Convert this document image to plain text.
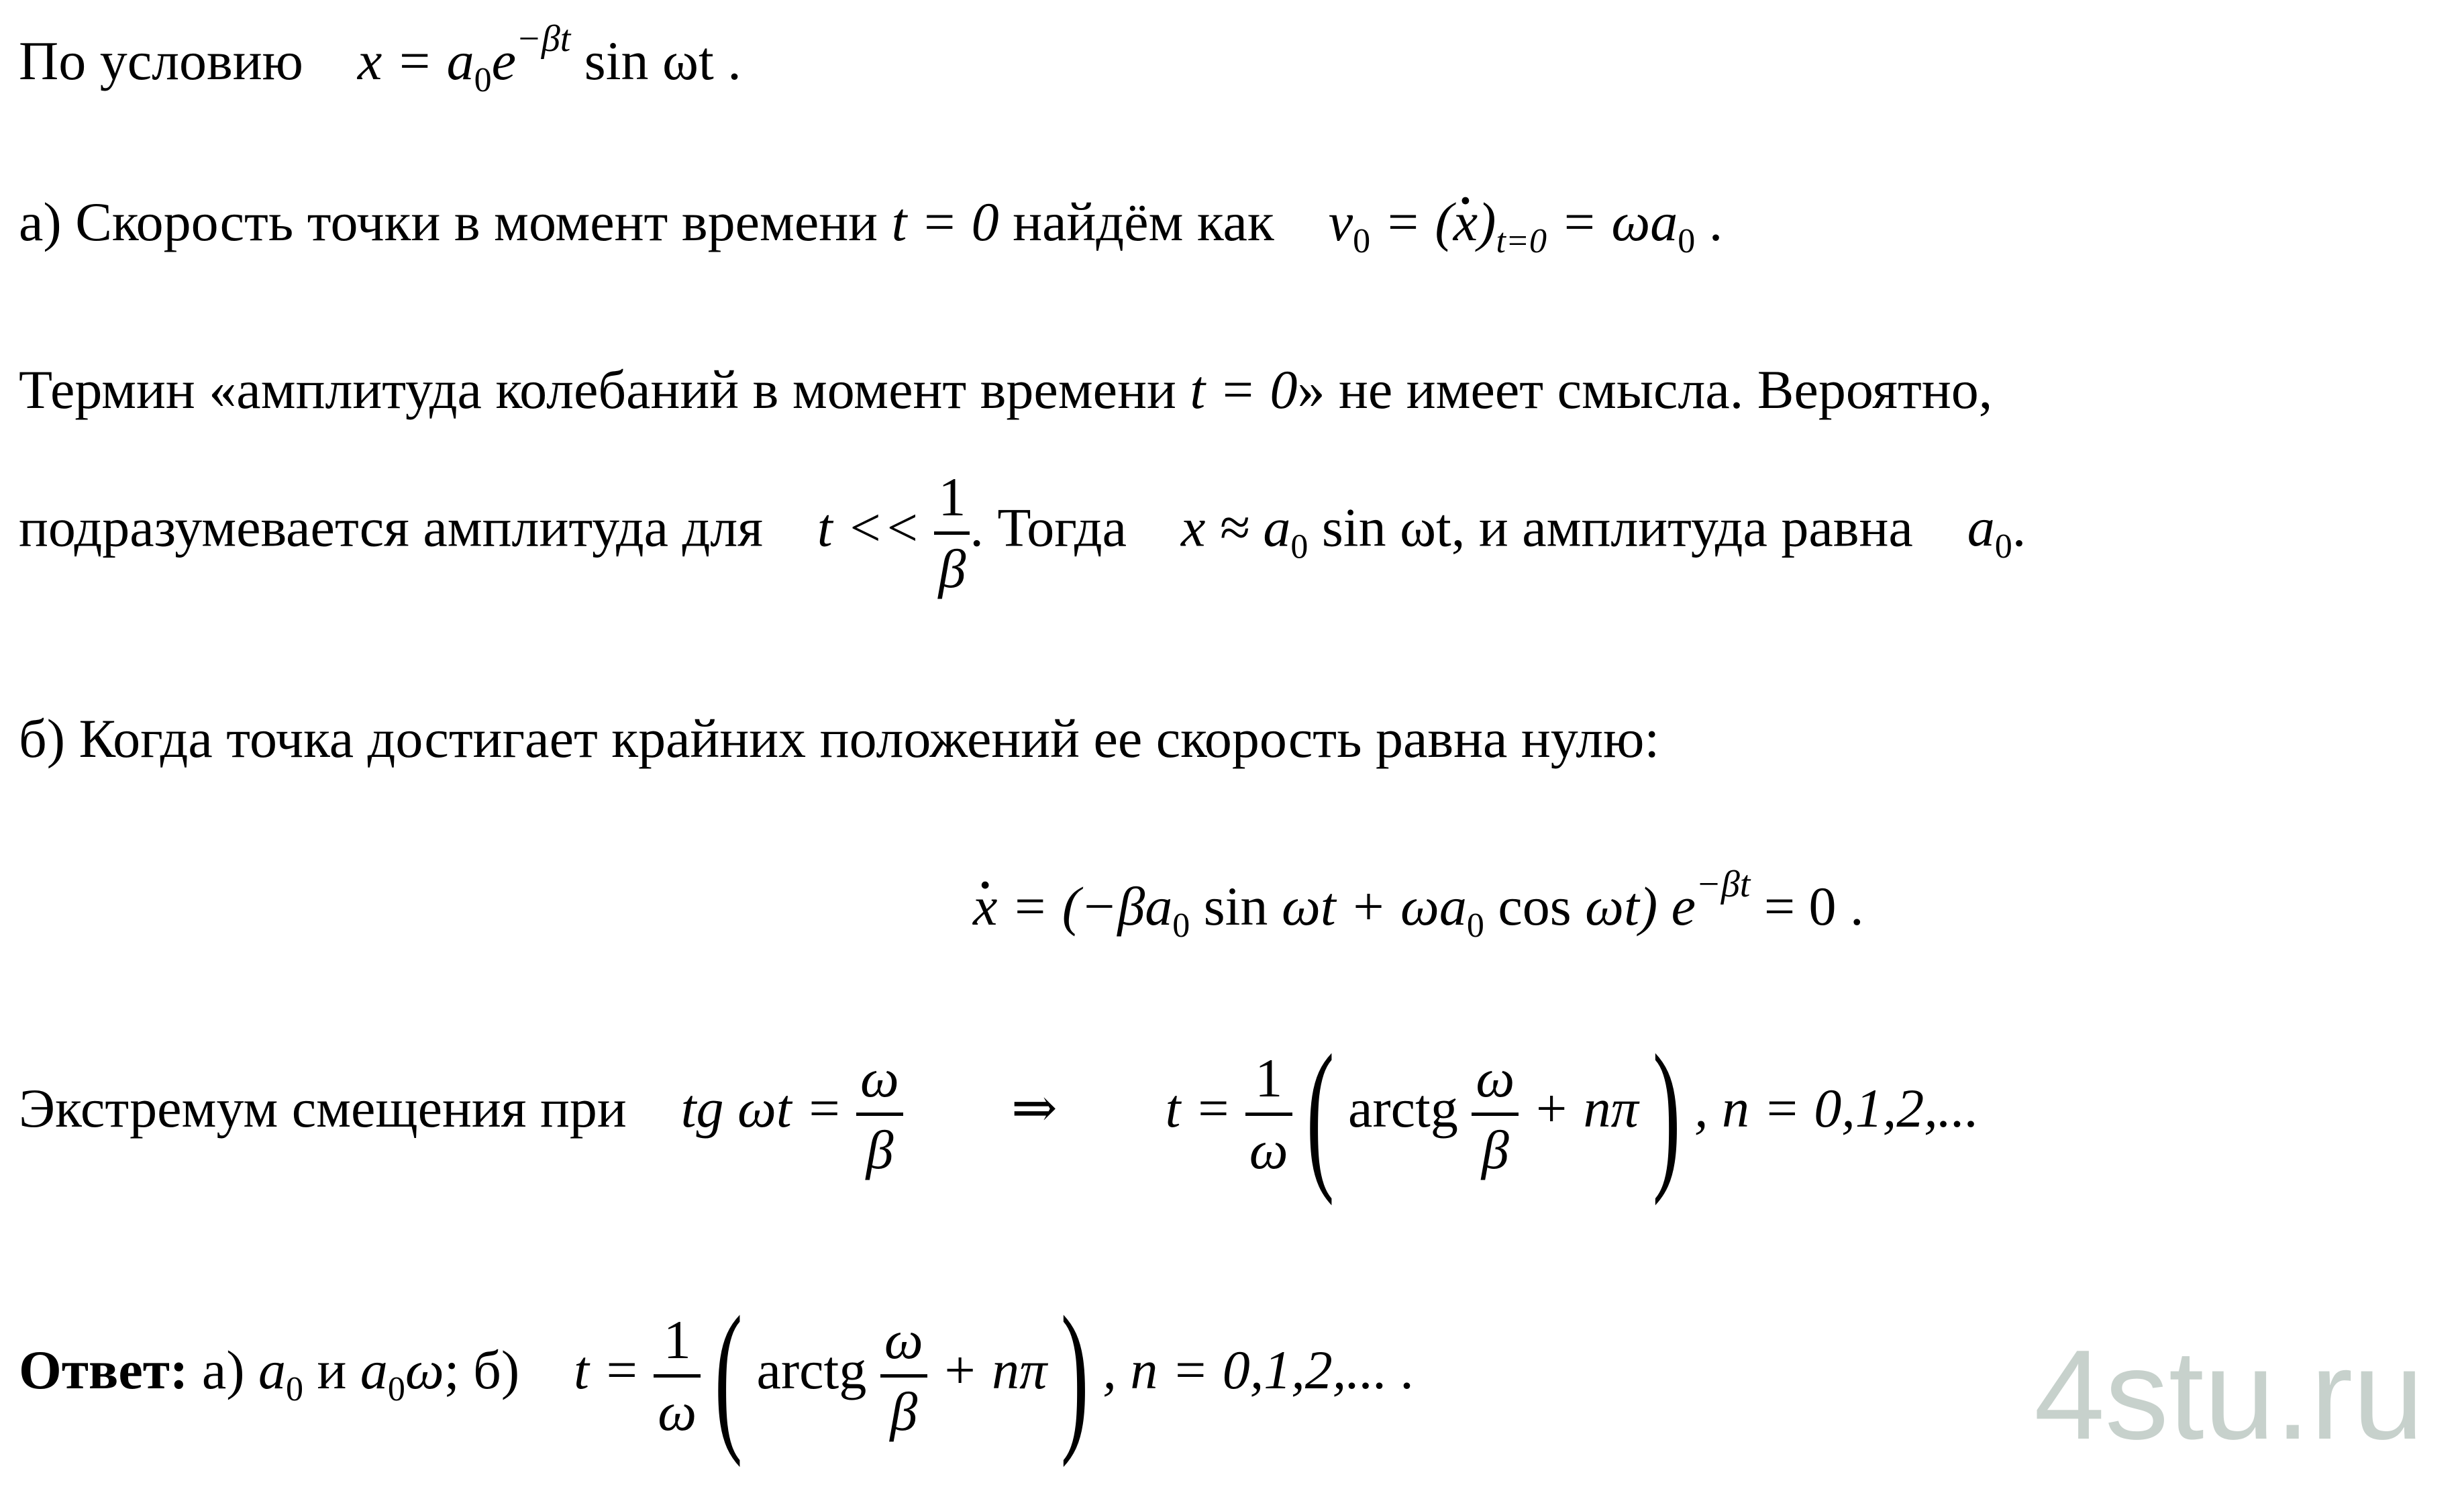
По условию $x = a_0e^{-\beta t}$ sin ωt .
а) Скорость точки в момент времени t = 0 найдём как $v_0$ = (• $x)_{t=0} = \omega a_0$ .
Термин «амплитуда колебаний в момент времени t = 0» не имеет смысла. Вероятно,
подразумевается амплитуда для $t << \frac{1}{\beta}$ . Тогда $x \approx a_0$ sin ωt, и амплитуда равна $a_0$.
б) Когда точка достигает крайних положений ее скорость равна нулю:
• $x = (-\beta a_0$ $\sin \omega t + \omega a_0$ cos ωt) $e^{-\beta t} = 0$ .
Экстремум смещения при tg $\omega t = \frac{\omega}{\beta}$ ⇒ $t = \frac{1}{\omega}$ ( arctg $\frac{\omega}{\beta} + n\pi$) , n = 0,1,2,...
Ответ: а) $a_0$ и $a_0\omega$; б) $t = \frac{1}{\omega}$ ( arctg $\frac{\omega}{\beta} + n\pi$) , n = 0,1,2,... .	4stu.ru
